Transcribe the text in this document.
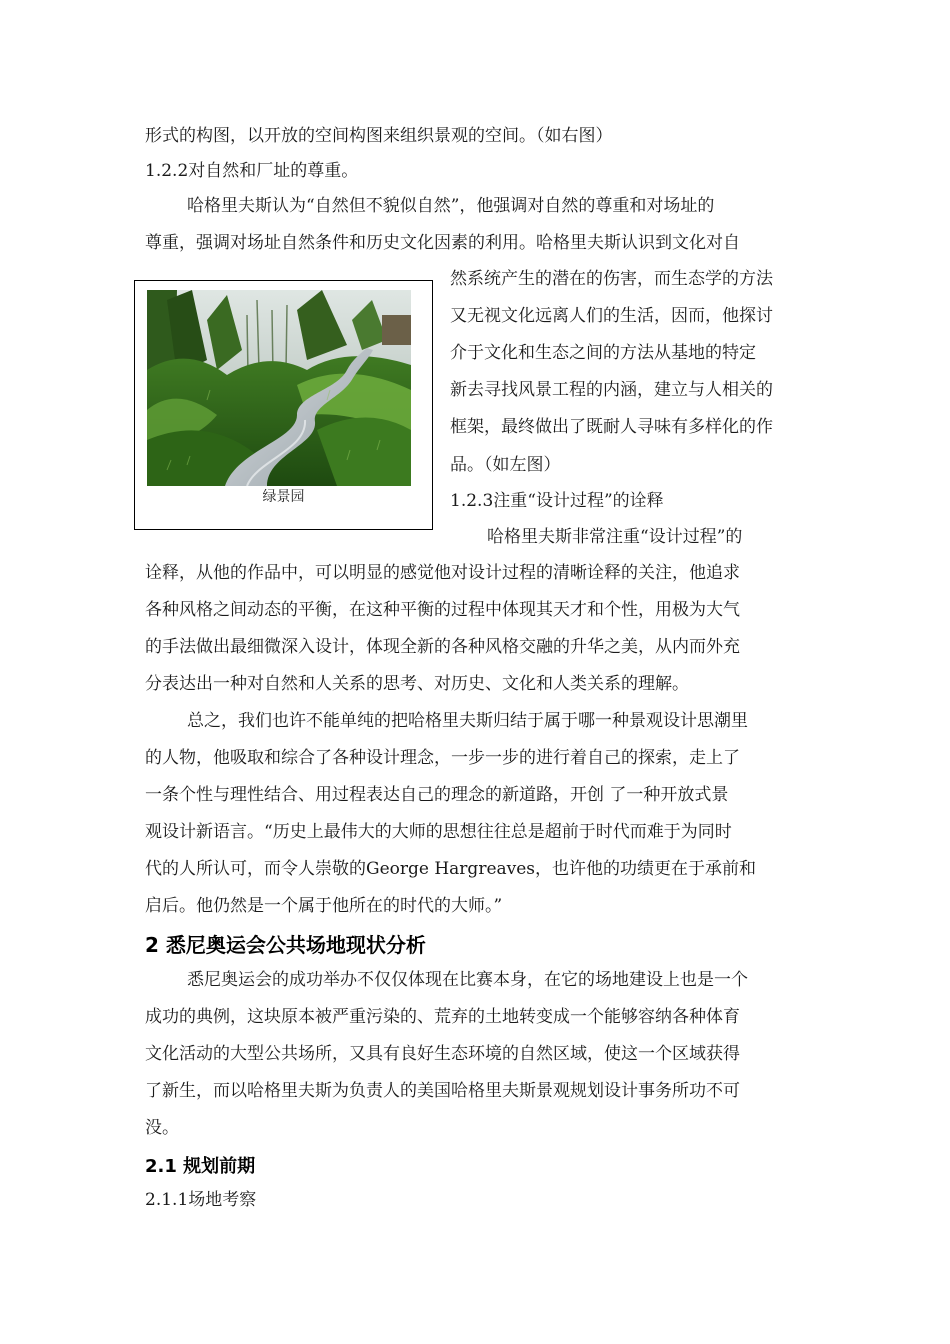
形式的构图，以开放的空间构图来组织景观的空间。（如右图）
1.2.2对自然和厂址的尊重。
哈格里夫斯认为“自然但不貌似自然”，他强调对自然的尊重和对场址的
尊重，强调对场址自然条件和历史文化因素的利用。哈格里夫斯认识到文化对自
然系统产生的潜在的伤害，而生态学的方法
又无视文化远离人们的生活，因而，他探讨
介于文化和生态之间的方法从基地的特定
新去寻找风景工程的内涵，建立与人相关的
框架，最终做出了既耐人寻味有多样化的作
品。（如左图）
1.2.3注重“设计过程”的诠释
哈格里夫斯非常注重“设计过程”的
绿景园
诠释，从他的作品中，可以明显的感觉他对设计过程的清晰诠释的关注，他追求
各种风格之间动态的平衡，在这种平衡的过程中体现其天才和个性，用极为大气
的手法做出最细微深入设计，体现全新的各种风格交融的升华之美，从内而外充
分表达出一种对自然和人关系的思考、对历史、文化和人类关系的理解。
总之，我们也许不能单纯的把哈格里夫斯归结于属于哪一种景观设计思潮里
的人物，他吸取和综合了各种设计理念，一步一步的进行着自己的探索，走上了
一条个性与理性结合、用过程表达自己的理念的新道路，开创 了一种开放式景
观设计新语言。“历史上最伟大的大师的思想往往总是超前于时代而难于为同时
代的人所认可，而令人崇敬的George Hargreaves，也许他的功绩更在于承前和
启后。他仍然是一个属于他所在的时代的大师。”
2 悉尼奥运会公共场地现状分析
悉尼奥运会的成功举办不仅仅体现在比赛本身，在它的场地建设上也是一个
成功的典例，这块原本被严重污染的、荒弃的土地转变成一个能够容纳各种体育
文化活动的大型公共场所，又具有良好生态环境的自然区域，使这一个区域获得
了新生，而以哈格里夫斯为负责人的美国哈格里夫斯景观规划设计事务所功不可
没。
2.1 规划前期
2.1.1场地考察
